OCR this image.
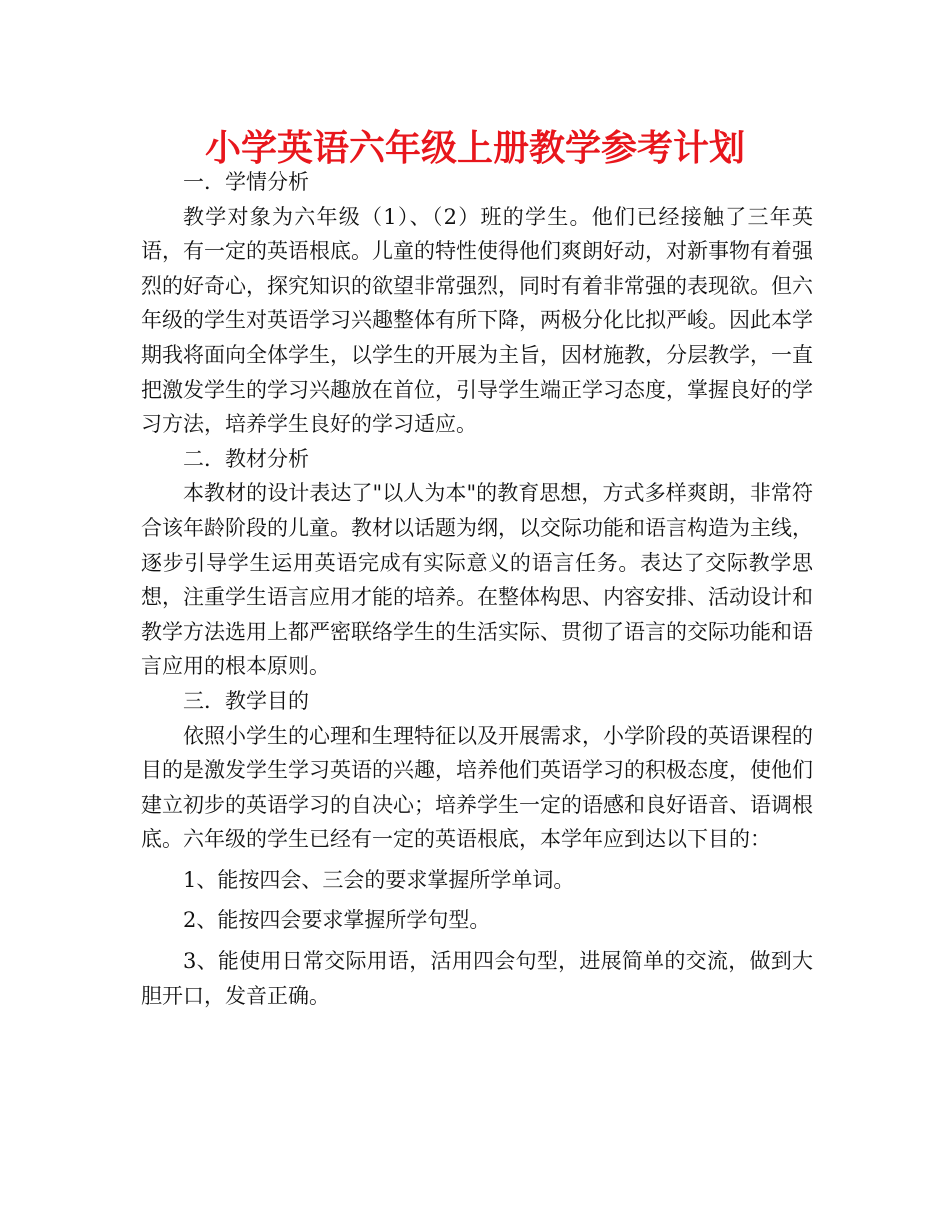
小学英语六年级上册教学参考计划

一．学情分析

教学对象为六年级（1）、（2）班的学生。他们已经接触了三年英语，有一定的英语根底。儿童的特性使得他们爽朗好动，对新事物有着强烈的好奇心，探究知识的欲望非常强烈，同时有着非常强的表现欲。但六年级的学生对英语学习兴趣整体有所下降，两极分化比拟严峻。因此本学期我将面向全体学生，以学生的开展为主旨，因材施教，分层教学，一直把激发学生的学习兴趣放在首位，引导学生端正学习态度，掌握良好的学习方法，培养学生良好的学习适应。

二．教材分析

本教材的设计表达了"以人为本"的教育思想，方式多样爽朗，非常符合该年龄阶段的儿童。教材以话题为纲，以交际功能和语言构造为主线，逐步引导学生运用英语完成有实际意义的语言任务。表达了交际教学思想，注重学生语言应用才能的培养。在整体构思、内容安排、活动设计和教学方法选用上都严密联络学生的生活实际、贯彻了语言的交际功能和语言应用的根本原则。

三．教学目的

依照小学生的心理和生理特征以及开展需求，小学阶段的英语课程的目的是激发学生学习英语的兴趣，培养他们英语学习的积极态度，使他们建立初步的英语学习的自决心；培养学生一定的语感和良好语音、语调根底。六年级的学生已经有一定的英语根底，本学年应到达以下目的：

1、能按四会、三会的要求掌握所学单词。

2、能按四会要求掌握所学句型。

3、能使用日常交际用语，活用四会句型，进展简单的交流，做到大胆开口，发音正确。
